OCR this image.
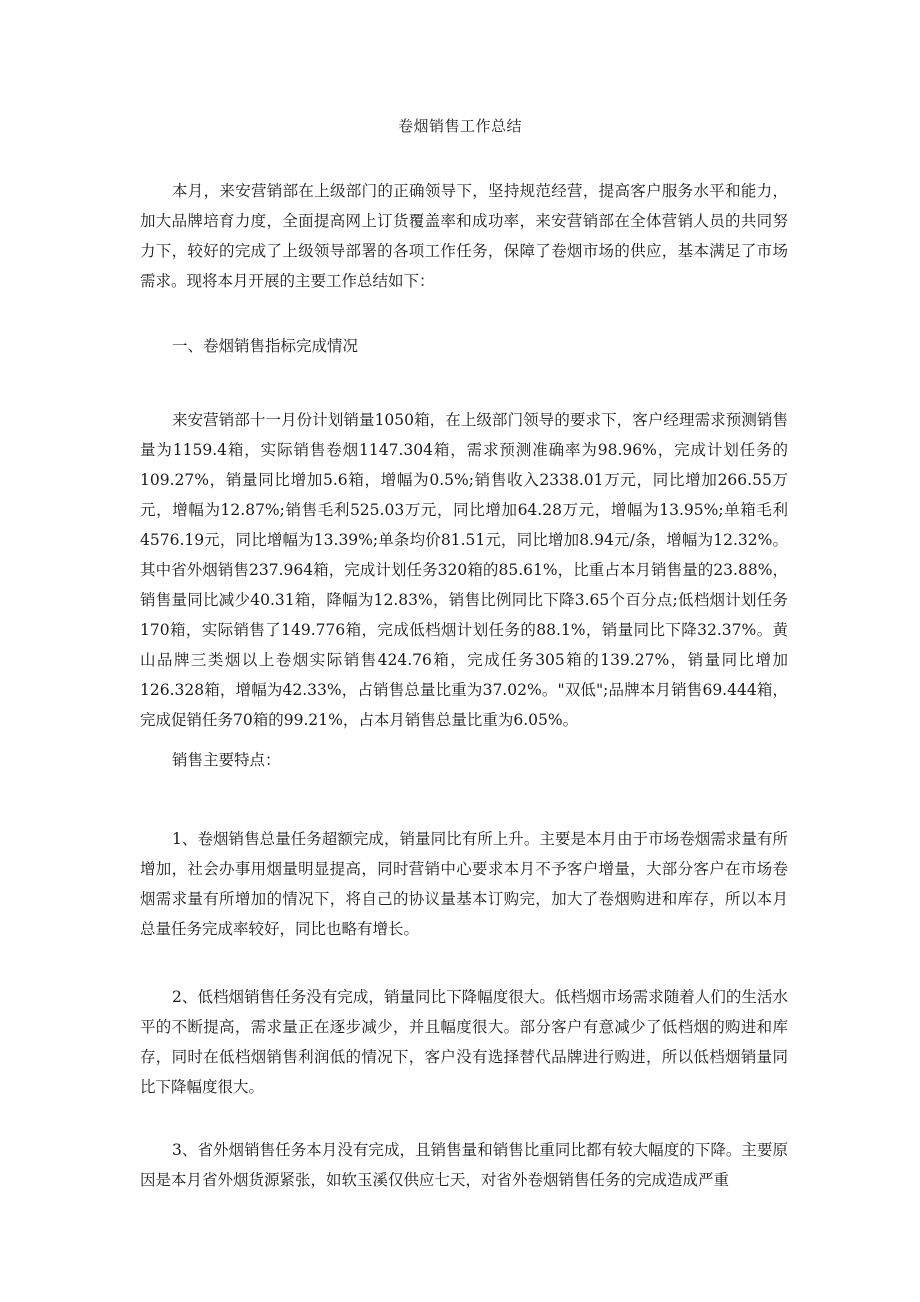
卷烟销售工作总结

本月，来安营销部在上级部门的正确领导下，坚持规范经营，提高客户服务水平和能力，加大品牌培育力度，全面提高网上订货覆盖率和成功率，来安营销部在全体营销人员的共同努力下，较好的完成了上级领导部署的各项工作任务，保障了卷烟市场的供应，基本满足了市场需求。现将本月开展的主要工作总结如下：

一、卷烟销售指标完成情况

来安营销部十一月份计划销量1050箱，在上级部门领导的要求下，客户经理需求预测销售量为1159.4箱，实际销售卷烟1147.304箱，需求预测准确率为98.96%，完成计划任务的109.27%，销量同比增加5.6箱，增幅为0.5%;销售收入2338.01万元，同比增加266.55万元，增幅为12.87%;销售毛利525.03万元，同比增加64.28万元，增幅为13.95%;单箱毛利4576.19元，同比增幅为13.39%;单条均价81.51元，同比增加8.94元/条，增幅为12.32%。其中省外烟销售237.964箱，完成计划任务320箱的85.61%，比重占本月销售量的23.88%，销售量同比减少40.31箱，降幅为12.83%，销售比例同比下降3.65个百分点;低档烟计划任务170箱，实际销售了149.776箱，完成低档烟计划任务的88.1%，销量同比下降32.37%。黄山品牌三类烟以上卷烟实际销售424.76箱，完成任务305箱的139.27%，销量同比增加126.328箱，增幅为42.33%，占销售总量比重为37.02%。"双低";品牌本月销售69.444箱，完成促销任务70箱的99.21%，占本月销售总量比重为6.05%。

销售主要特点：

1、卷烟销售总量任务超额完成，销量同比有所上升。主要是本月由于市场卷烟需求量有所增加，社会办事用烟量明显提高，同时营销中心要求本月不予客户增量，大部分客户在市场卷烟需求量有所增加的情况下，将自己的协议量基本订购完，加大了卷烟购进和库存，所以本月总量任务完成率较好，同比也略有增长。

2、低档烟销售任务没有完成，销量同比下降幅度很大。低档烟市场需求随着人们的生活水平的不断提高，需求量正在逐步减少，并且幅度很大。部分客户有意减少了低档烟的购进和库存，同时在低档烟销售利润低的情况下，客户没有选择替代品牌进行购进，所以低档烟销量同比下降幅度很大。

3、省外烟销售任务本月没有完成，且销售量和销售比重同比都有较大幅度的下降。主要原因是本月省外烟货源紧张，如软玉溪仅供应七天，对省外卷烟销售任务的完成造成严重
